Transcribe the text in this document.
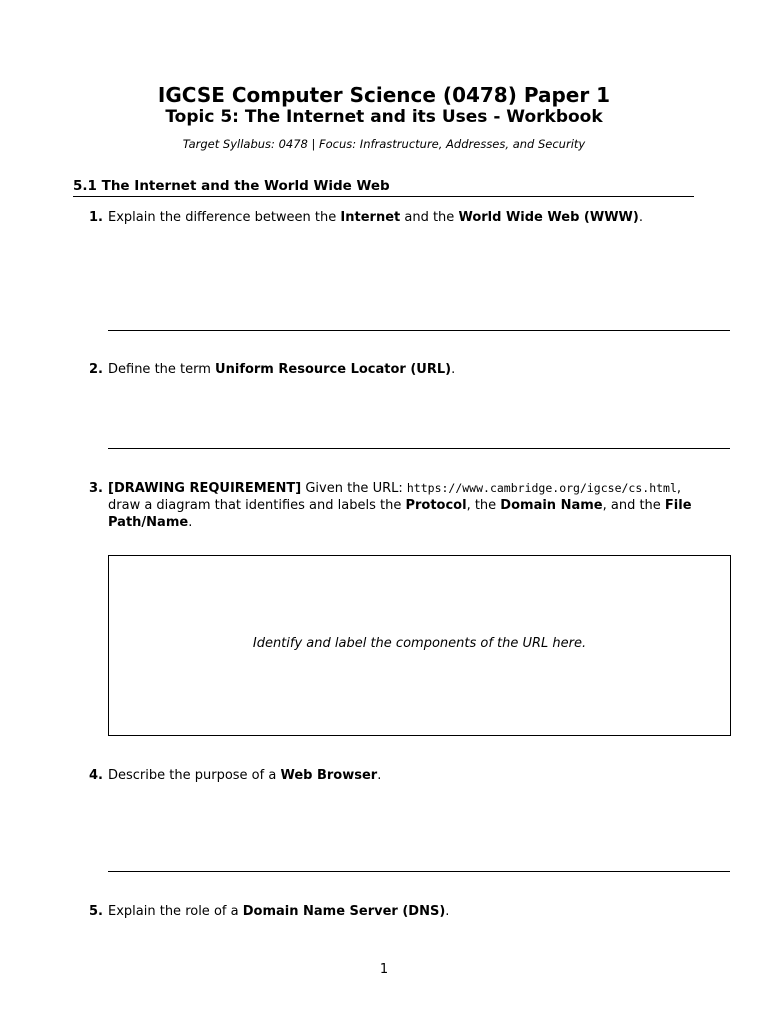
IGCSE Computer Science (0478) Paper 1
Topic 5: The Internet and its Uses - Workbook
Target Syllabus: 0478 | Focus: Infrastructure, Addresses, and Security
5.1 The Internet and the World Wide Web
1. Explain the difference between the Internet and the World Wide Web (WWW).
2. Define the term Uniform Resource Locator (URL).
3. [DRAWING REQUIREMENT] Given the URL: https://www.cambridge.org/igcse/cs.html, draw a diagram that identifies and labels the Protocol, the Domain Name, and the File Path/Name.
Identify and label the components of the URL here.
4. Describe the purpose of a Web Browser.
5. Explain the role of a Domain Name Server (DNS).
1
